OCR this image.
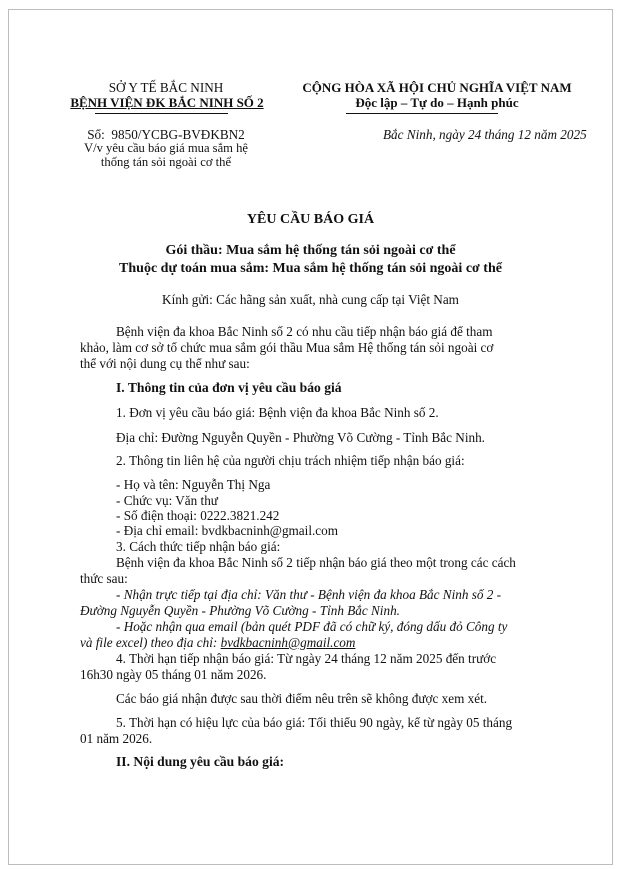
SỞ Y TẾ BẮC NINH
BỆNH VIỆN ĐK BẮC NINH SỐ 2
Số: 9850/YCBG-BVĐKBN2
V/v yêu cầu báo giá mua sắm hệ
thống tán sỏi ngoài cơ thể
CỘNG HÒA XÃ HỘI CHỦ NGHĨA VIỆT NAM
Độc lập – Tự do – Hạnh phúc
Bắc Ninh, ngày 24 tháng 12 năm 2025
YÊU CẦU BÁO GIÁ
Gói thầu: Mua sắm hệ thống tán sỏi ngoài cơ thể
Thuộc dự toán mua sắm: Mua sắm hệ thống tán sỏi ngoài cơ thể
Kính gửi: Các hãng sản xuất, nhà cung cấp tại Việt Nam
Bệnh viện đa khoa Bắc Ninh số 2 có nhu cầu tiếp nhận báo giá để tham
khảo, làm cơ sở tổ chức mua sắm gói thầu Mua sắm Hệ thống tán sỏi ngoài cơ
thể với nội dung cụ thể như sau:
I. Thông tin của đơn vị yêu cầu báo giá
1. Đơn vị yêu cầu báo giá: Bệnh viện đa khoa Bắc Ninh số 2.
Địa chỉ: Đường Nguyễn Quyền - Phường Võ Cường - Tỉnh Bắc Ninh.
2. Thông tin liên hệ của người chịu trách nhiệm tiếp nhận báo giá:
- Họ và tên: Nguyễn Thị Nga
- Chức vụ: Văn thư
- Số điện thoại: 0222.3821.242
- Địa chỉ email: bvdkbacninh@gmail.com
3. Cách thức tiếp nhận báo giá:
Bệnh viện đa khoa Bắc Ninh số 2 tiếp nhận báo giá theo một trong các cách
thức sau:
- Nhận trực tiếp tại địa chỉ: Văn thư - Bệnh viện đa khoa Bắc Ninh số 2 -
Đường Nguyễn Quyền - Phường Võ Cường - Tỉnh Bắc Ninh.
- Hoặc nhận qua email (bản quét PDF đã có chữ ký, đóng dấu đỏ Công ty
và file excel) theo địa chỉ: bvdkbacninh@gmail.com
4. Thời hạn tiếp nhận báo giá: Từ ngày 24 tháng 12 năm 2025 đến trước
16h30 ngày 05 tháng 01 năm 2026.
Các báo giá nhận được sau thời điểm nêu trên sẽ không được xem xét.
5. Thời hạn có hiệu lực của báo giá: Tối thiểu 90 ngày, kể từ ngày 05 tháng
01 năm 2026.
II. Nội dung yêu cầu báo giá:
